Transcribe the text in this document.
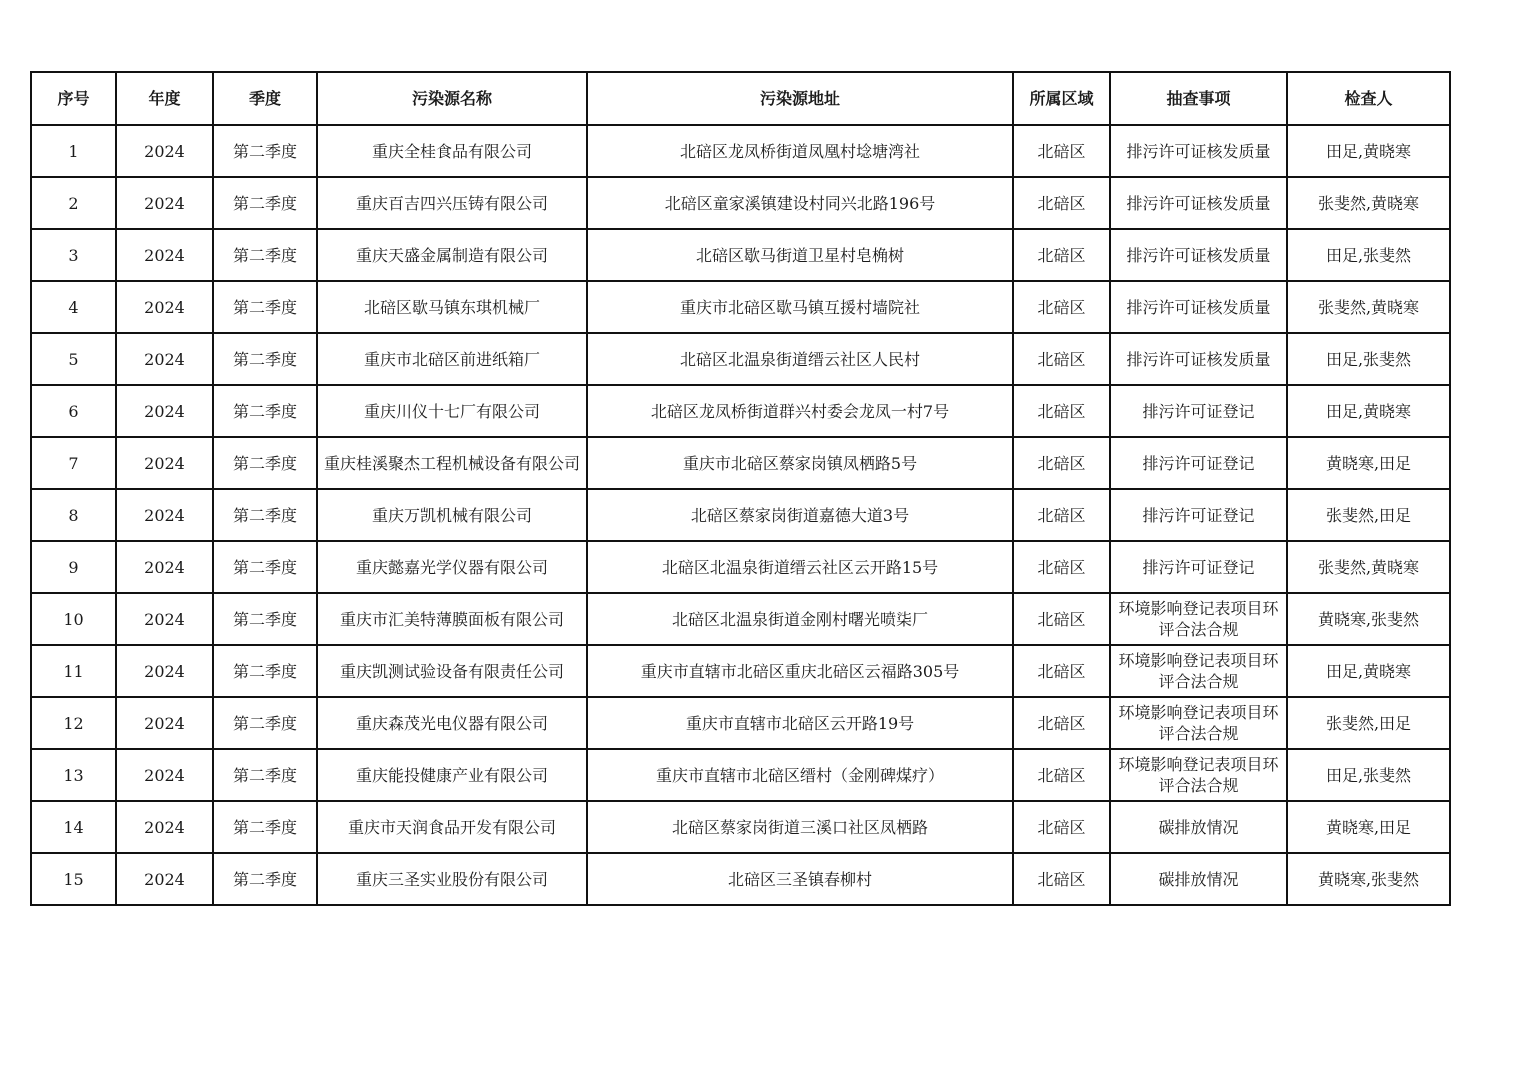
序号	年度	季度	污染源名称	污染源地址	所属区域	抽查事项	检查人
1	2024	第二季度	重庆全桂食品有限公司	北碚区龙凤桥街道凤凰村埝塘湾社	北碚区	排污许可证核发质量	田足,黄晓寒
2	2024	第二季度	重庆百吉四兴压铸有限公司	北碚区童家溪镇建设村同兴北路196号	北碚区	排污许可证核发质量	张斐然,黄晓寒
3	2024	第二季度	重庆天盛金属制造有限公司	北碚区歇马街道卫星村皂桷树	北碚区	排污许可证核发质量	田足,张斐然
4	2024	第二季度	北碚区歇马镇东琪机械厂	重庆市北碚区歇马镇互援村墙院社	北碚区	排污许可证核发质量	张斐然,黄晓寒
5	2024	第二季度	重庆市北碚区前进纸箱厂	北碚区北温泉街道缙云社区人民村	北碚区	排污许可证核发质量	田足,张斐然
6	2024	第二季度	重庆川仪十七厂有限公司	北碚区龙凤桥街道群兴村委会龙凤一村7号	北碚区	排污许可证登记	田足,黄晓寒
7	2024	第二季度	重庆桂溪聚杰工程机械设备有限公司	重庆市北碚区蔡家岗镇凤栖路5号	北碚区	排污许可证登记	黄晓寒,田足
8	2024	第二季度	重庆万凯机械有限公司	北碚区蔡家岗街道嘉德大道3号	北碚区	排污许可证登记	张斐然,田足
9	2024	第二季度	重庆懿嘉光学仪器有限公司	北碚区北温泉街道缙云社区云开路15号	北碚区	排污许可证登记	张斐然,黄晓寒
10	2024	第二季度	重庆市汇美特薄膜面板有限公司	北碚区北温泉街道金刚村曙光喷柒厂	北碚区	环境影响登记表项目环评合法合规	黄晓寒,张斐然
11	2024	第二季度	重庆凯测试验设备有限责任公司	重庆市直辖市北碚区重庆北碚区云福路305号	北碚区	环境影响登记表项目环评合法合规	田足,黄晓寒
12	2024	第二季度	重庆森茂光电仪器有限公司	重庆市直辖市北碚区云开路19号	北碚区	环境影响登记表项目环评合法合规	张斐然,田足
13	2024	第二季度	重庆能投健康产业有限公司	重庆市直辖市北碚区缙村（金刚碑煤疗）	北碚区	环境影响登记表项目环评合法合规	田足,张斐然
14	2024	第二季度	重庆市天润食品开发有限公司	北碚区蔡家岗街道三溪口社区凤栖路	北碚区	碳排放情况	黄晓寒,田足
15	2024	第二季度	重庆三圣实业股份有限公司	北碚区三圣镇春柳村	北碚区	碳排放情况	黄晓寒,张斐然
